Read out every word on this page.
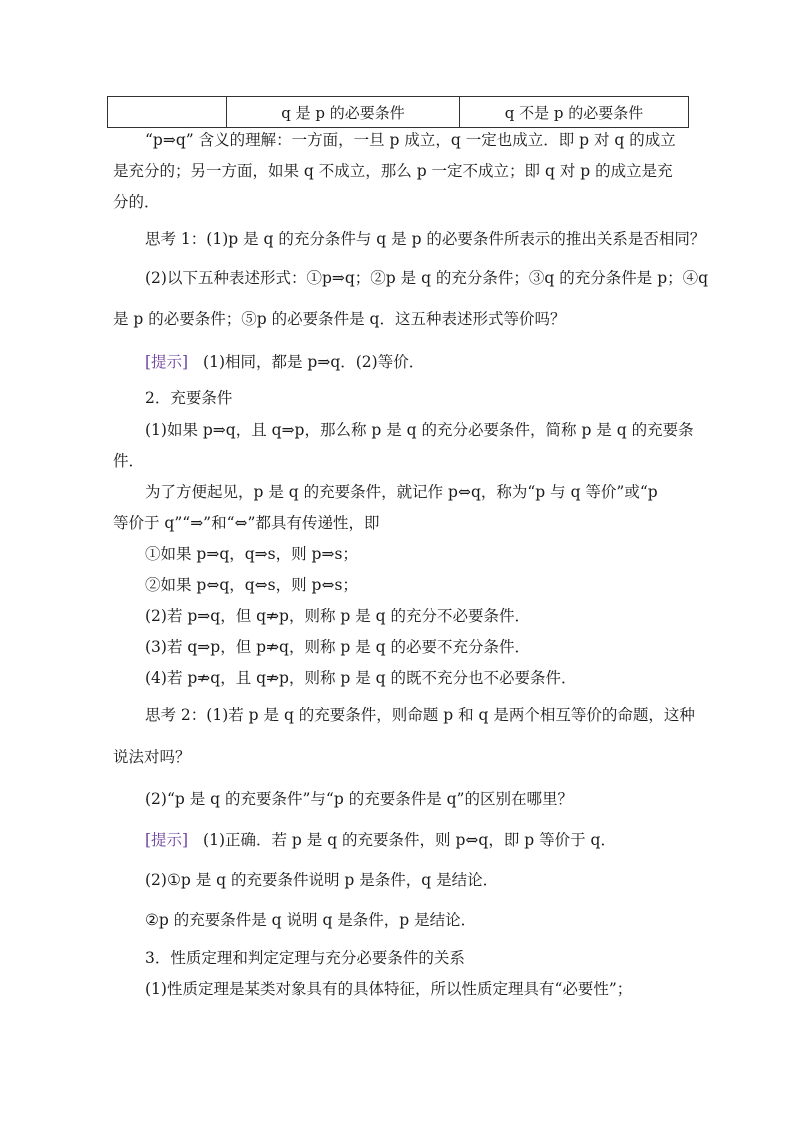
	q 是 p 的必要条件	q 不是 p 的必要条件
“p⇒q” 含义的理解：一方面，一旦 p 成立，q 一定也成立．即 p 对 q 的成立
是充分的；另一方面，如果 q 不成立，那么 p 一定不成立；即 q 对 p 的成立是充
分的．
思考 1：(1)p 是 q 的充分条件与 q 是 p 的必要条件所表示的推出关系是否相同？
(2)以下五种表述形式：①p⇒q；②p 是 q 的充分条件；③q 的充分条件是 p；④q
是 p 的必要条件；⑤p 的必要条件是 q．这五种表述形式等价吗？
[提示] (1)相同，都是 p⇒q．(2)等价．
2．充要条件
(1)如果 p⇒q，且 q⇒p，那么称 p 是 q 的充分必要条件，简称 p 是 q 的充要条
件．
为了方便起见，p 是 q 的充要条件，就记作 p⇔q，称为“p 与 q 等价”或“p
等价于 q”“⇒”和“⇔”都具有传递性，即
①如果 p⇒q，q⇒s，则 p⇒s；
②如果 p⇔q，q⇔s，则 p⇔s；
(2)若 p⇒q，但 q⇏p，则称 p 是 q 的充分不必要条件．
(3)若 q⇒p，但 p⇏q，则称 p 是 q 的必要不充分条件．
(4)若 p⇏q，且 q⇏p，则称 p 是 q 的既不充分也不必要条件．
思考 2：(1)若 p 是 q 的充要条件，则命题 p 和 q 是两个相互等价的命题，这种
说法对吗？
(2)“p 是 q 的充要条件”与“p 的充要条件是 q”的区别在哪里？
[提示] (1)正确．若 p 是 q 的充要条件，则 p⇔q，即 p 等价于 q．
(2)①p 是 q 的充要条件说明 p 是条件，q 是结论．
②p 的充要条件是 q 说明 q 是条件，p 是结论．
3．性质定理和判定定理与充分必要条件的关系
(1)性质定理是某类对象具有的具体特征，所以性质定理具有“必要性”；
